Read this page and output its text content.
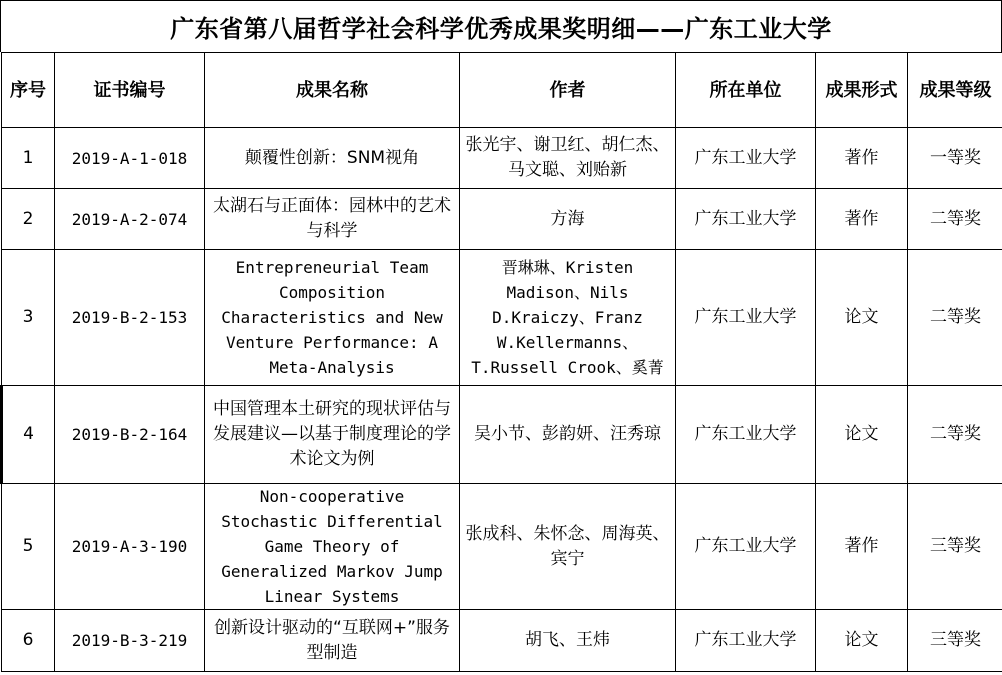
广东省第八届哲学社会科学优秀成果奖明细——广东工业大学
序号	证书编号	成果名称	作者	所在单位	成果形式	成果等级
1	2019-A-1-018	颠覆性创新：SNM视角	张光宇、谢卫红、胡仁杰、马文聪、刘贻新	广东工业大学	著作	一等奖
2	2019-A-2-074	太湖石与正面体：园林中的艺术与科学	方海	广东工业大学	著作	二等奖
3	2019-B-2-153	Entrepreneurial Team Composition Characteristics and New Venture Performance: A Meta-Analysis	晋琳琳、Kristen Madison、Nils D.Kraiczy、Franz W.Kellermanns、T.Russell Crook、奚菁	广东工业大学	论文	二等奖
4	2019-B-2-164	中国管理本土研究的现状评估与发展建议—以基于制度理论的学术论文为例	吴小节、彭韵妍、汪秀琼	广东工业大学	论文	二等奖
5	2019-A-3-190	Non-cooperative Stochastic Differential Game Theory of Generalized Markov Jump Linear Systems	张成科、朱怀念、周海英、宾宁	广东工业大学	著作	三等奖
6	2019-B-3-219	创新设计驱动的“互联网+”服务型制造	胡飞、王炜	广东工业大学	论文	三等奖
